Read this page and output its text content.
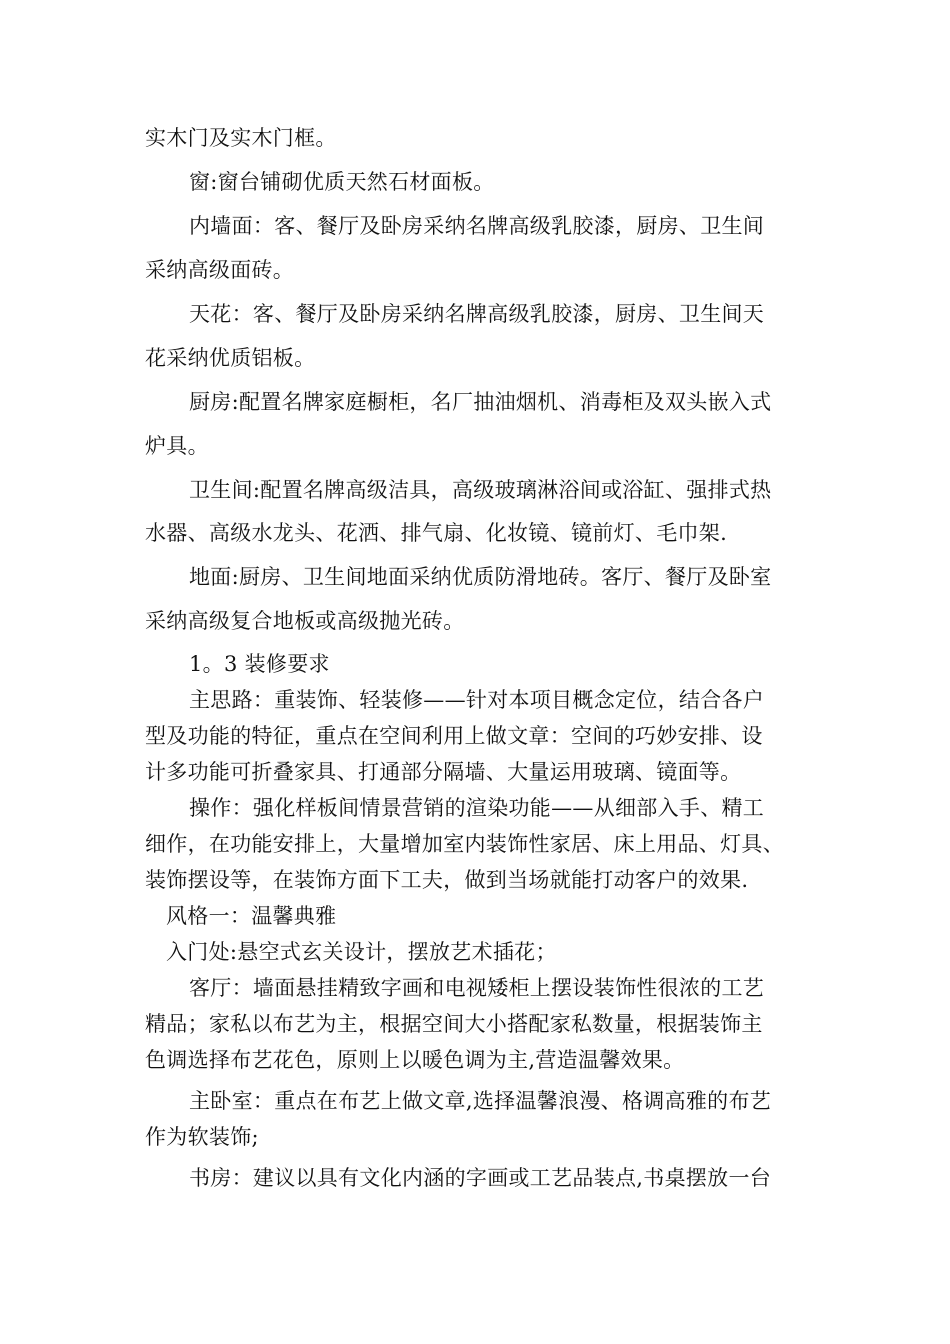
实木门及实木门框。
窗:窗台铺砌优质天然石材面板。
内墙面：客、餐厅及卧房采纳名牌高级乳胶漆，厨房、卫生间
采纳高级面砖。
天花：客、餐厅及卧房采纳名牌高级乳胶漆，厨房、卫生间天
花采纳优质铝板。
厨房:配置名牌家庭橱柜，名厂抽油烟机、消毒柜及双头嵌入式
炉具。
卫生间:配置名牌高级洁具，高级玻璃淋浴间或浴缸、强排式热
水器、高级水龙头、花洒、排气扇、化妆镜、镜前灯、毛巾架.
地面:厨房、卫生间地面采纳优质防滑地砖。客厅、餐厅及卧室
采纳高级复合地板或高级抛光砖。
1。3 装修要求
主思路：重装饰、轻装修——针对本项目概念定位，结合各户
型及功能的特征，重点在空间利用上做文章：空间的巧妙安排、设
计多功能可折叠家具、打通部分隔墙、大量运用玻璃、镜面等。
操作：强化样板间情景营销的渲染功能——从细部入手、精工
细作，在功能安排上，大量增加室内装饰性家居、床上用品、灯具、
装饰摆设等，在装饰方面下工夫，做到当场就能打动客户的效果.
风格一：温馨典雅
入门处:悬空式玄关设计，摆放艺术插花；
客厅：墙面悬挂精致字画和电视矮柜上摆设装饰性很浓的工艺
精品；家私以布艺为主，根据空间大小搭配家私数量，根据装饰主
色调选择布艺花色，原则上以暖色调为主,营造温馨效果。
主卧室：重点在布艺上做文章,选择温馨浪漫、格调高雅的布艺
作为软装饰;
书房：建议以具有文化内涵的字画或工艺品装点,书桌摆放一台
